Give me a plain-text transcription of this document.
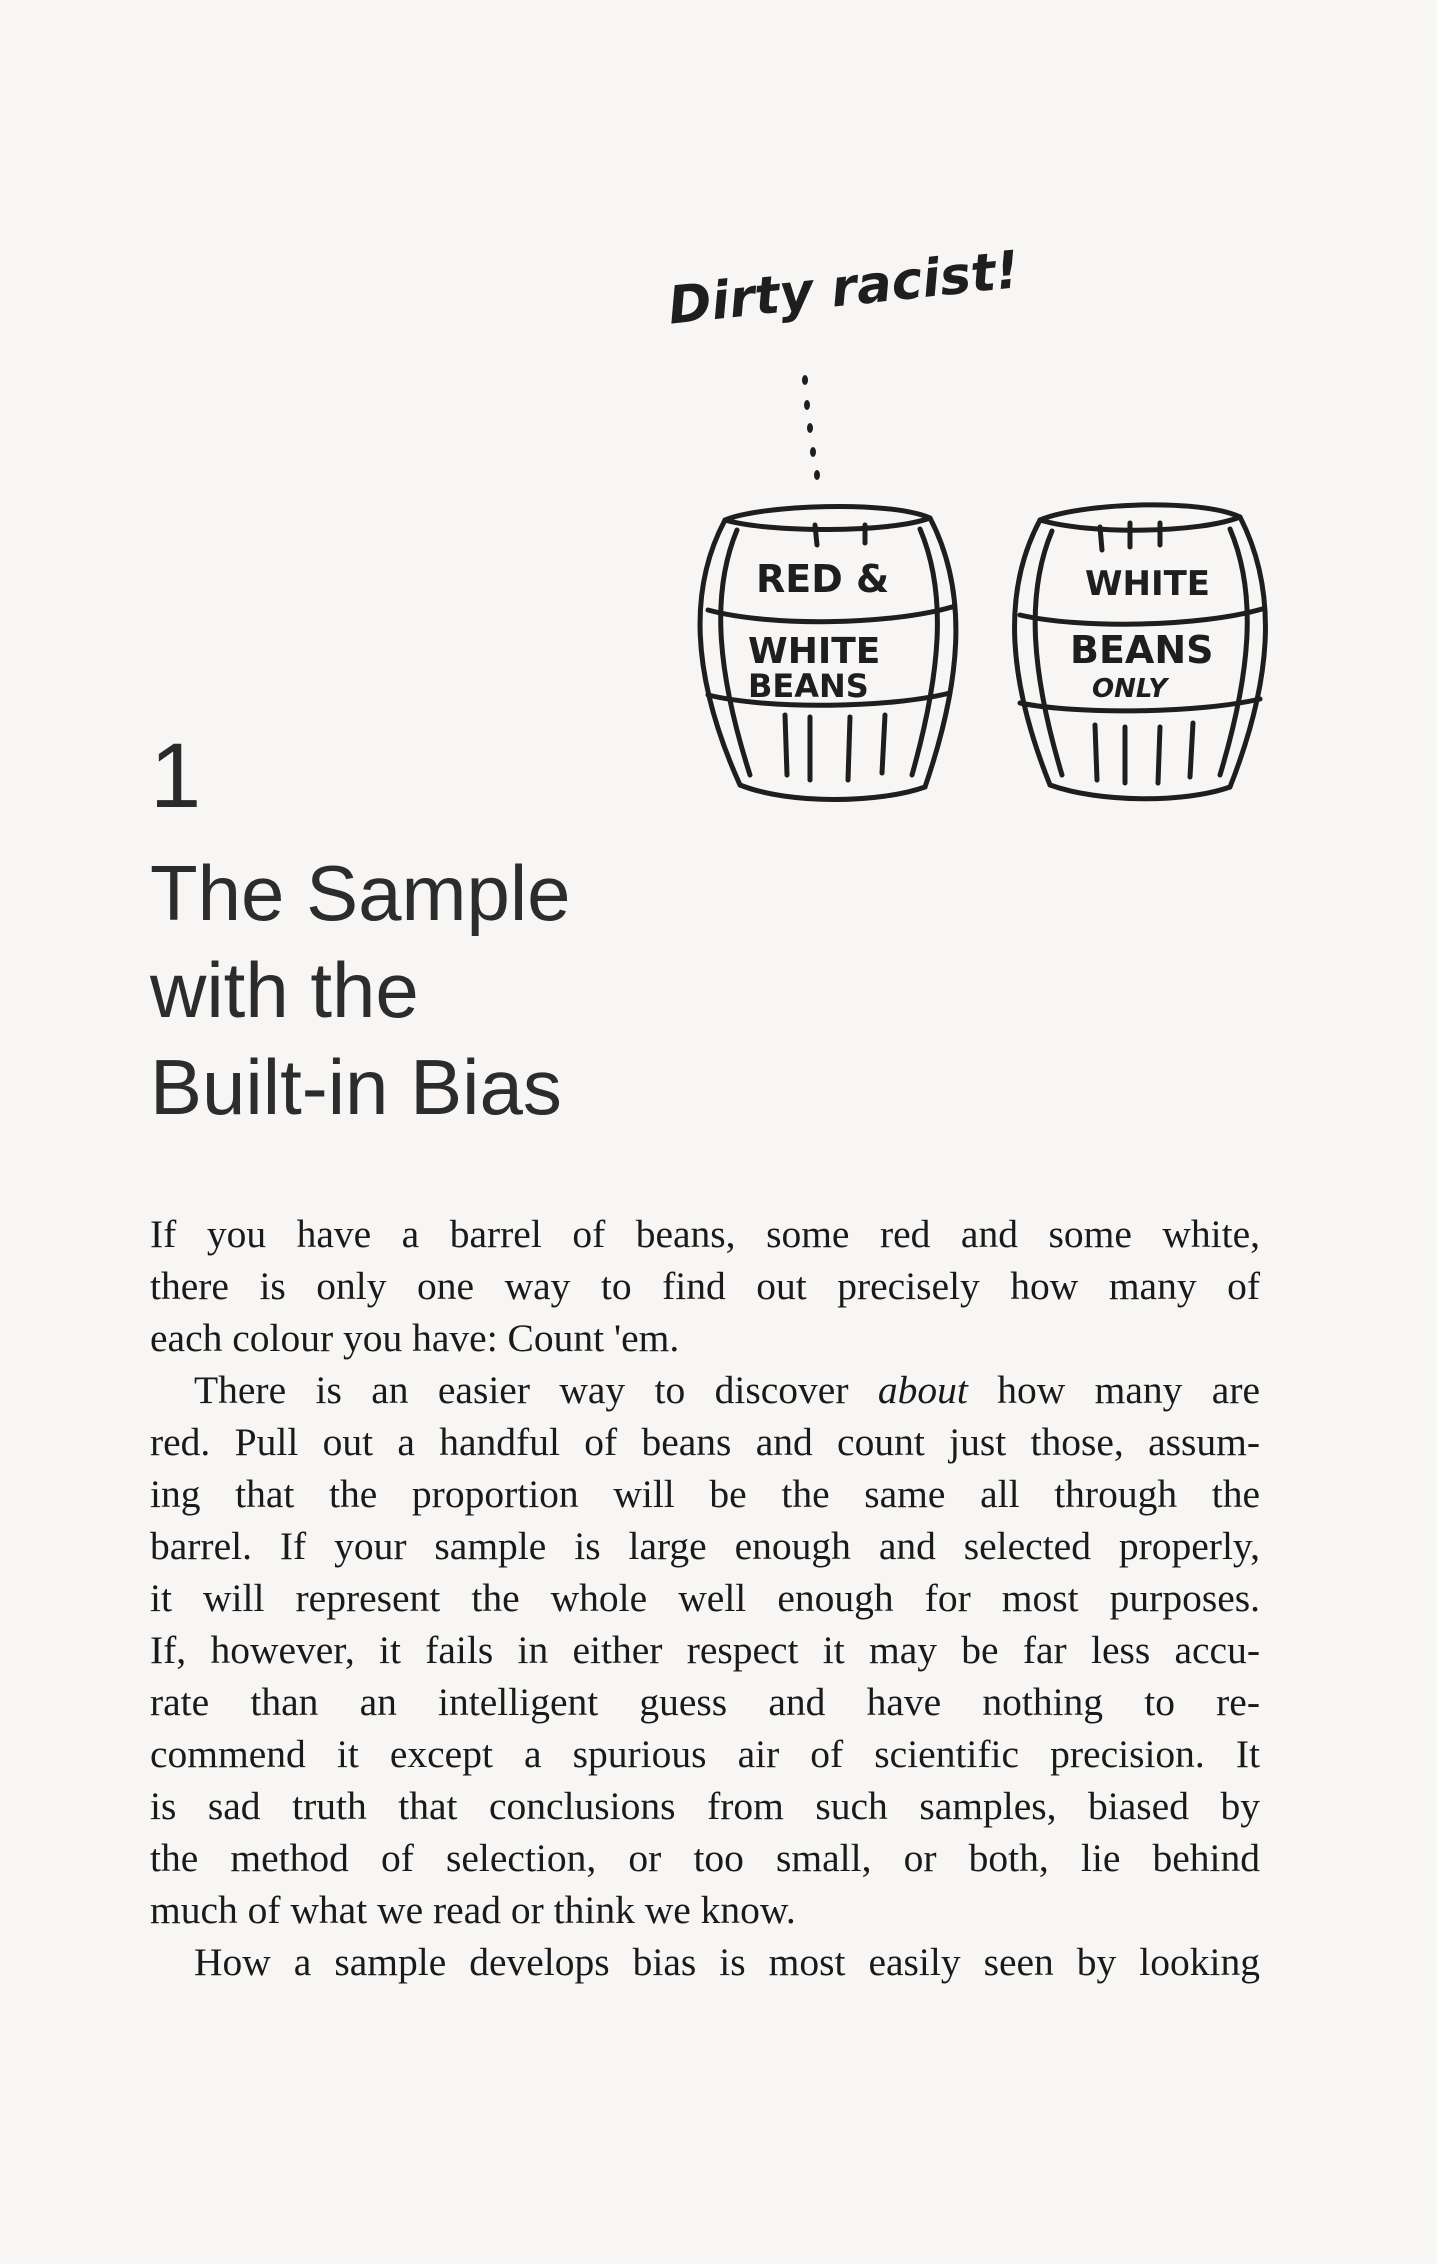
Dirty racist!
RED &
WHITE
BEANS
WHITE
BEANS
ONLY
1
The Sample
with the
Built-in Bias

If you have a barrel of beans, some red and some white,
there is only one way to find out precisely how many of
each colour you have: Count 'em.

There is an easier way to discover about how many are
red. Pull out a handful of beans and count just those, assum-
ing that the proportion will be the same all through the
barrel. If your sample is large enough and selected properly,
it will represent the whole well enough for most purposes.
If, however, it fails in either respect it may be far less accu-
rate than an intelligent guess and have nothing to re-
commend it except a spurious air of scientific precision. It
is sad truth that conclusions from such samples, biased by
the method of selection, or too small, or both, lie behind
much of what we read or think we know.

How a sample develops bias is most easily seen by looking
